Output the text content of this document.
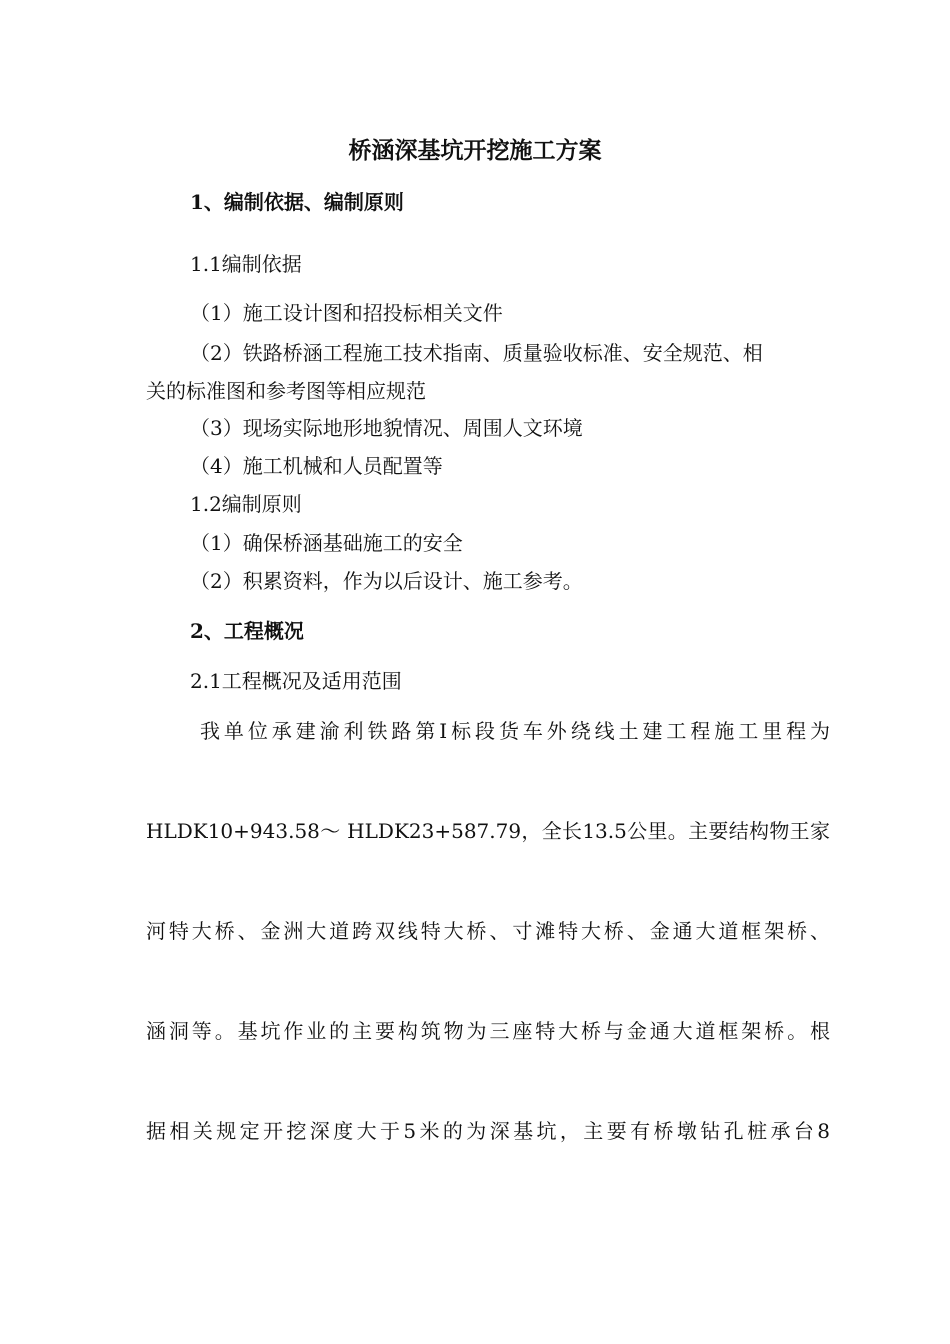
桥涵深基坑开挖施工方案
1、编制依据、编制原则
1.1编制依据
（1）施工设计图和招投标相关文件
（2）铁路桥涵工程施工技术指南、质量验收标准、安全规范、相
关的标准图和参考图等相应规范
（3）现场实际地形地貌情况、周围人文环境
（4）施工机械和人员配置等
1.2编制原则
（1）确保桥涵基础施工的安全
（2）积累资料，作为以后设计、施工参考。
2、工程概况
2.1工程概况及适用范围
我单位承建渝利铁路第Ⅰ标段货车外绕线土建工程施工里程为
HLDK10+943.58～ HLDK23+587.79，全长13.5公里。主要结构物王家
河特大桥、金洲大道跨双线特大桥、寸滩特大桥、金通大道框架桥、
涵洞等。基坑作业的主要构筑物为三座特大桥与金通大道框架桥。根
据相关规定开挖深度大于5米的为深基坑，主要有桥墩钻孔桩承台8
